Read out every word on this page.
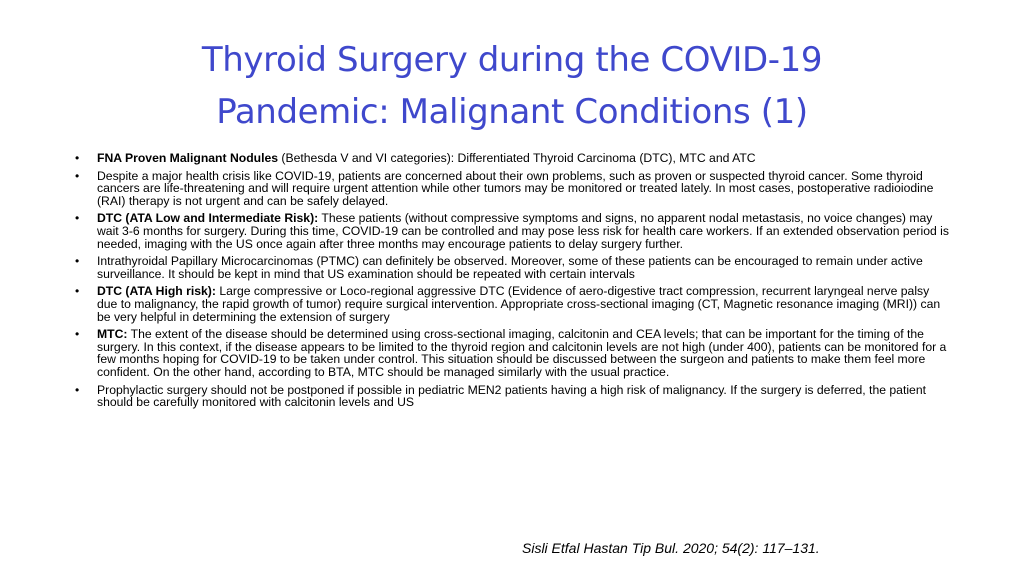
Thyroid Surgery during the COVID-19
Pandemic: Malignant Conditions (1)
• FNA Proven Malignant Nodules (Bethesda V and VI categories): Differentiated Thyroid Carcinoma (DTC), MTC and ATC
• Despite a major health crisis like COVID-19, patients are concerned about their own problems, such as proven or suspected thyroid cancer. Some thyroid cancers are life-threatening and will require urgent attention while other tumors may be monitored or treated lately. In most cases, postoperative radioiodine (RAI) therapy is not urgent and can be safely delayed.
• DTC (ATA Low and Intermediate Risk): These patients (without compressive symptoms and signs, no apparent nodal metastasis, no voice changes) may wait 3-6 months for surgery. During this time, COVID-19 can be controlled and may pose less risk for health care workers. If an extended observation period is needed, imaging with the US once again after three months may encourage patients to delay surgery further.
• Intrathyroidal Papillary Microcarcinomas (PTMC) can definitely be observed. Moreover, some of these patients can be encouraged to remain under active surveillance. It should be kept in mind that US examination should be repeated with certain intervals
• DTC (ATA High risk): Large compressive or Loco-regional aggressive DTC (Evidence of aero-digestive tract compression, recurrent laryngeal nerve palsy due to malignancy, the rapid growth of tumor) require surgical intervention. Appropriate cross-sectional imaging (CT, Magnetic resonance imaging (MRI)) can be very helpful in determining the extension of surgery
• MTC: The extent of the disease should be determined using cross-sectional imaging, calcitonin and CEA levels; that can be important for the timing of the surgery. In this context, if the disease appears to be limited to the thyroid region and calcitonin levels are not high (under 400), patients can be monitored for a few months hoping for COVID-19 to be taken under control. This situation should be discussed between the surgeon and patients to make them feel more confident. On the other hand, according to BTA, MTC should be managed similarly with the usual practice.
• Prophylactic surgery should not be postponed if possible in pediatric MEN2 patients having a high risk of malignancy. If the surgery is deferred, the patient should be carefully monitored with calcitonin levels and US
Sisli Etfal Hastan Tip Bul. 2020; 54(2): 117–131.
